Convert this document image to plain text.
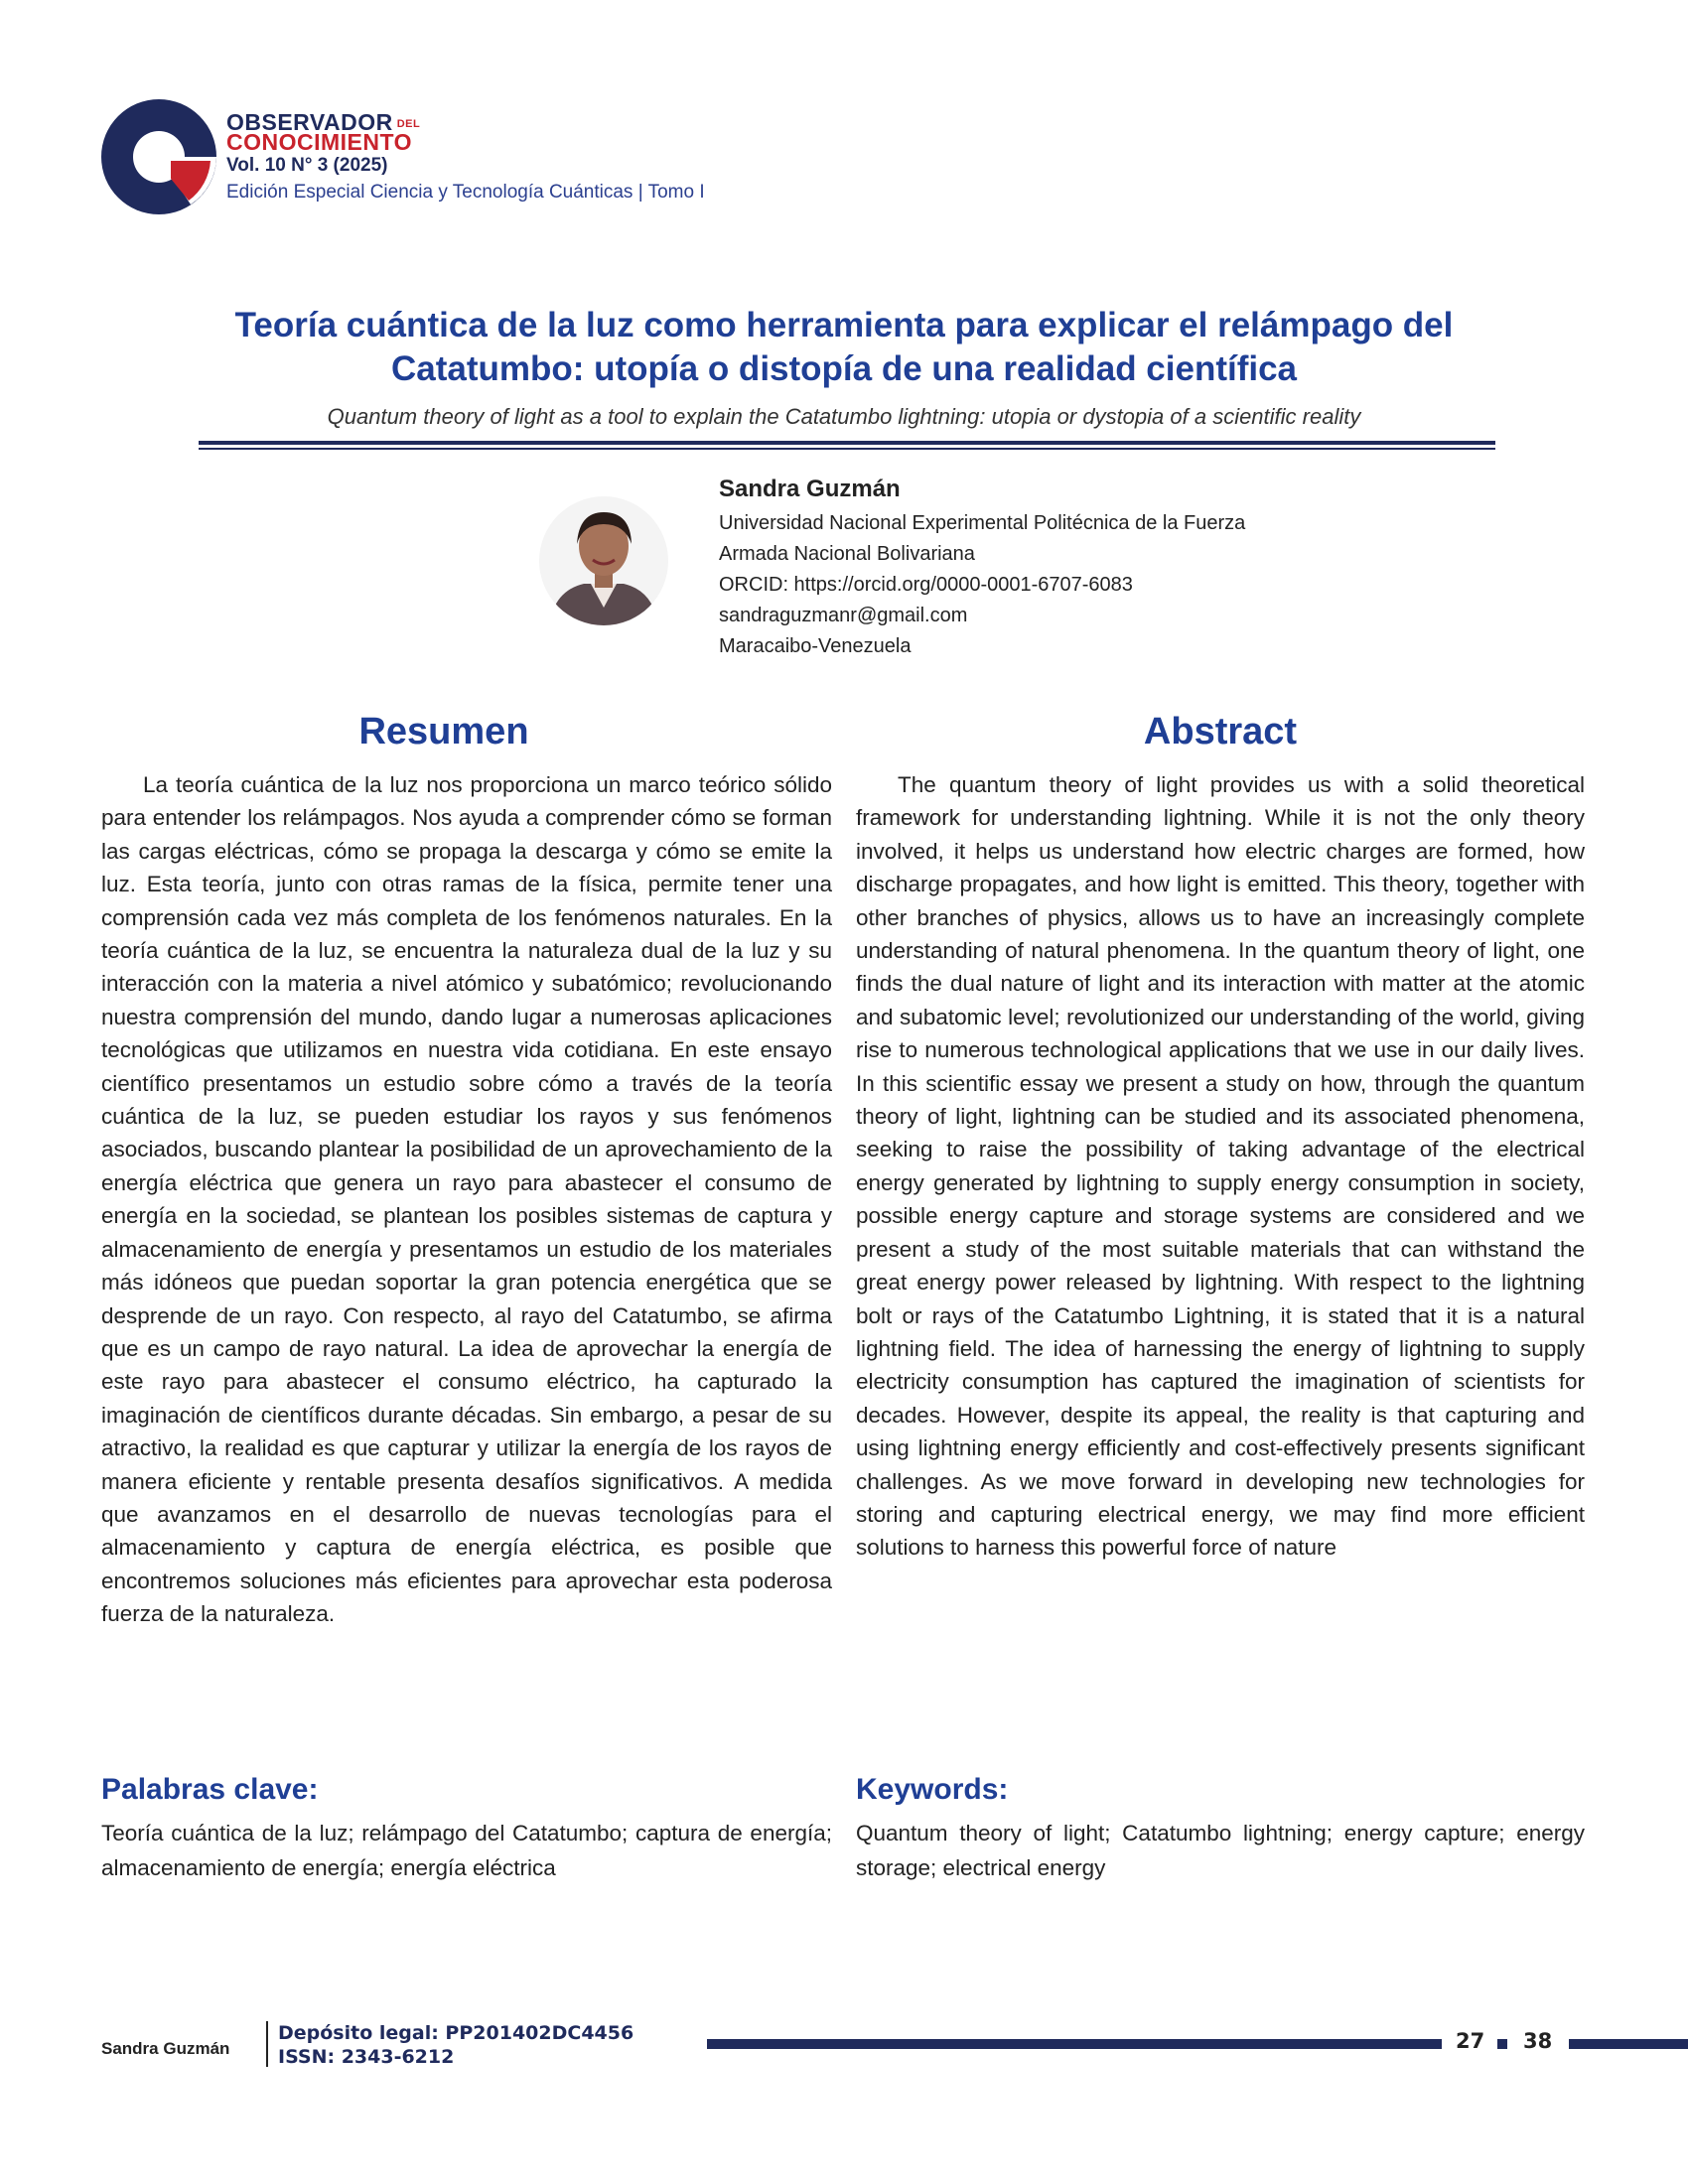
OBSERVADOR DEL
CONOCIMIENTO
Vol. 10 N° 3 (2025)
Edición Especial Ciencia y Tecnología Cuánticas | Tomo I
Teoría cuántica de la luz como herramienta para explicar el relámpago del Catatumbo: utopía o distopía de una realidad científica
Quantum theory of light as a tool to explain the Catatumbo lightning: utopia or dystopia of a scientific reality
Sandra Guzmán
Universidad Nacional Experimental Politécnica de la Fuerza
Armada Nacional Bolivariana
ORCID: https://orcid.org/0000-0001-6707-6083
sandraguzmanr@gmail.com
Maracaibo-Venezuela
Resumen	Abstract

La teoría cuántica de la luz nos proporciona un marco teórico sólido para entender los relámpagos. Nos ayuda a comprender cómo se forman las cargas eléctricas, cómo se propaga la descarga y cómo se emite la luz. Esta teoría, junto con otras ramas de la física, permite tener una comprensión cada vez más completa de los fenómenos naturales. En la teoría cuántica de la luz, se encuentra la naturaleza dual de la luz y su interacción con la materia a nivel atómico y subatómico; revolucionando nuestra comprensión del mundo, dando lugar a numerosas aplicaciones tecnológicas que utilizamos en nuestra vida cotidiana. En este ensayo científico presentamos un estudio sobre cómo a través de la teoría cuántica de la luz, se pueden estudiar los rayos y sus fenómenos asociados, buscando plantear la posibilidad de un aprovechamiento de la energía eléctrica que genera un rayo para abastecer el consumo de energía en la sociedad, se plantean los posibles sistemas de captura y almacenamiento de energía y presentamos un estudio de los materiales más idóneos que puedan soportar la gran potencia energética que se desprende de un rayo. Con respecto, al rayo del Catatumbo, se afirma que es un campo de rayo natural. La idea de aprovechar la energía de este rayo para abastecer el consumo eléctrico, ha capturado la imaginación de científicos durante décadas. Sin embargo, a pesar de su atractivo, la realidad es que capturar y utilizar la energía de los rayos de manera eficiente y rentable presenta desafíos significativos. A medida que avanzamos en el desarrollo de nuevas tecnologías para el almacenamiento y captura de energía eléctrica, es posible que encontremos soluciones más eficientes para aprovechar esta poderosa fuerza de la naturaleza.

The quantum theory of light provides us with a solid theoretical framework for understanding lightning. While it is not the only theory involved, it helps us understand how electric charges are formed, how discharge propagates, and how light is emitted. This theory, together with other branches of physics, allows us to have an increasingly complete understanding of natural phenomena. In the quantum theory of light, one finds the dual nature of light and its interaction with matter at the atomic and subatomic level; revolutionized our understanding of the world, giving rise to numerous technological applications that we use in our daily lives. In this scientific essay we present a study on how, through the quantum theory of light, lightning can be studied and its associated phenomena, seeking to raise the possibility of taking advantage of the electrical energy generated by lightning to supply energy consumption in society, possible energy capture and storage systems are considered and we present a study of the most suitable materials that can withstand the great energy power released by lightning. With respect to the lightning bolt or rays of the Catatumbo Lightning, it is stated that it is a natural lightning field. The idea of harnessing the energy of lightning to supply electricity consumption has captured the imagination of scientists for decades. However, despite its appeal, the reality is that capturing and using lightning energy efficiently and cost-effectively presents significant challenges. As we move forward in developing new technologies for storing and capturing electrical energy, we may find more efficient solutions to harness this powerful force of nature

Palabras clave:
Teoría cuántica de la luz; relámpago del Catatumbo; captura de energía; almacenamiento de energía; energía eléctrica
Keywords:
Quantum theory of light; Catatumbo lightning; energy capture; energy storage; electrical energy
Sandra Guzmán
Depósito legal: PP201402DC4456
ISSN: 2343-6212
27 38
